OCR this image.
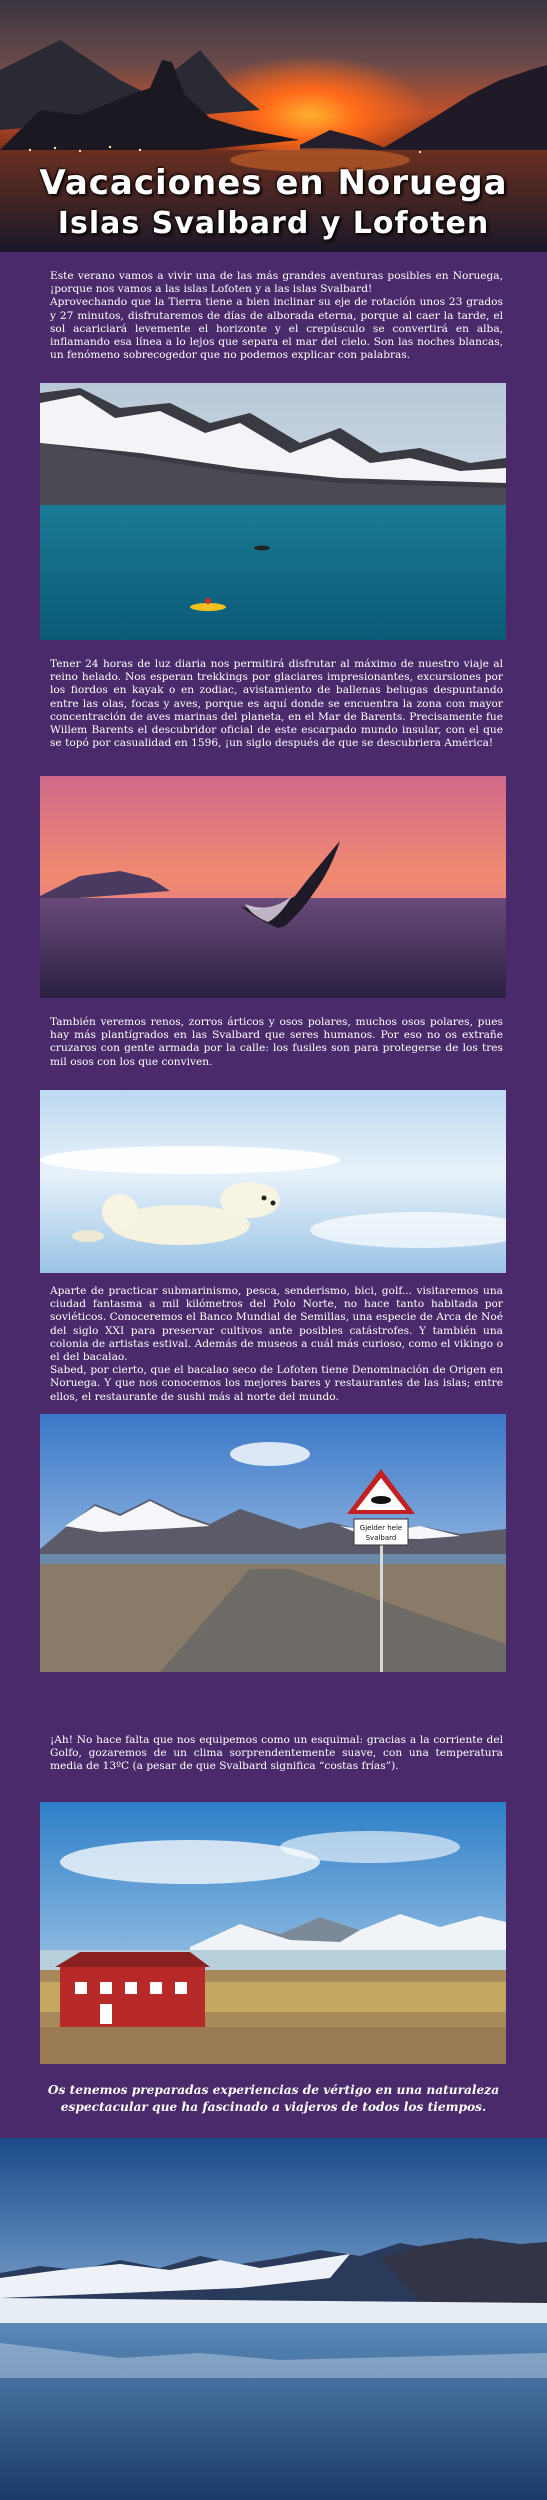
Vacaciones en Noruega
Islas Svalbard y Lofoten

Este verano vamos a vivir una de las más grandes aventuras posibles en Noruega, ¡porque nos vamos a las islas Lofoten y a las islas Svalbard!

Aprovechando que la Tierra tiene a bien inclinar su eje de rotación unos 23 grados y 27 minutos, disfrutaremos de días de alborada eterna, porque al caer la tarde, el sol acariciará levemente el horizonte y el crepúsculo se convertirá en alba, inflamando esa línea a lo lejos que separa el mar del cielo. Son las noches blancas, un fenómeno sobrecogedor que no podemos explicar con palabras.

Tener 24 horas de luz diaria nos permitirá disfrutar al máximo de nuestro viaje al reino helado. Nos esperan trekkings por glaciares impresionantes, excursiones por los fiordos en kayak o en zodiac, avistamiento de ballenas belugas despuntando entre las olas, focas y aves, porque es aquí donde se encuentra la zona con mayor concentración de aves marinas del planeta, en el Mar de Barents. Precisamente fue Willem Barents el descubridor oficial de este escarpado mundo insular, con el que se topó por casualidad en 1596, ¡un siglo después de que se descubriera América!

También veremos renos, zorros árticos y osos polares, muchos osos polares, pues hay más plantígrados en las Svalbard que seres humanos. Por eso no os extrañe cruzaros con gente armada por la calle: los fusiles son para protegerse de los tres mil osos con los que conviven.

Aparte de practicar submarinismo, pesca, senderismo, bici, golf... visitaremos una ciudad fantasma a mil kilómetros del Polo Norte, no hace tanto habitada por soviéticos. Conoceremos el Banco Mundial de Semillas, una especie de Arca de Noé del siglo XXI para preservar cultivos ante posibles catástrofes. Y también una colonia de artistas estival. Además de museos a cuál más curioso, como el vikingo o el del bacalao.

Sabed, por cierto, que el bacalao seco de Lofoten tiene Denominación de Origen en Noruega. Y que nos conocemos los mejores bares y restaurantes de las islas; entre ellos, el restaurante de sushi más al norte del mundo.

Gjelder hele
Svalbard

¡Ah! No hace falta que nos equipemos como un esquimal: gracias a la corriente del Golfo, gozaremos de un clima sorprendentemente suave, con una temperatura media de 13ºC (a pesar de que Svalbard significa “costas frías”).

Os tenemos preparadas experiencias de vértigo en una naturaleza espectacular que ha fascinado a viajeros de todos los tiempos.
